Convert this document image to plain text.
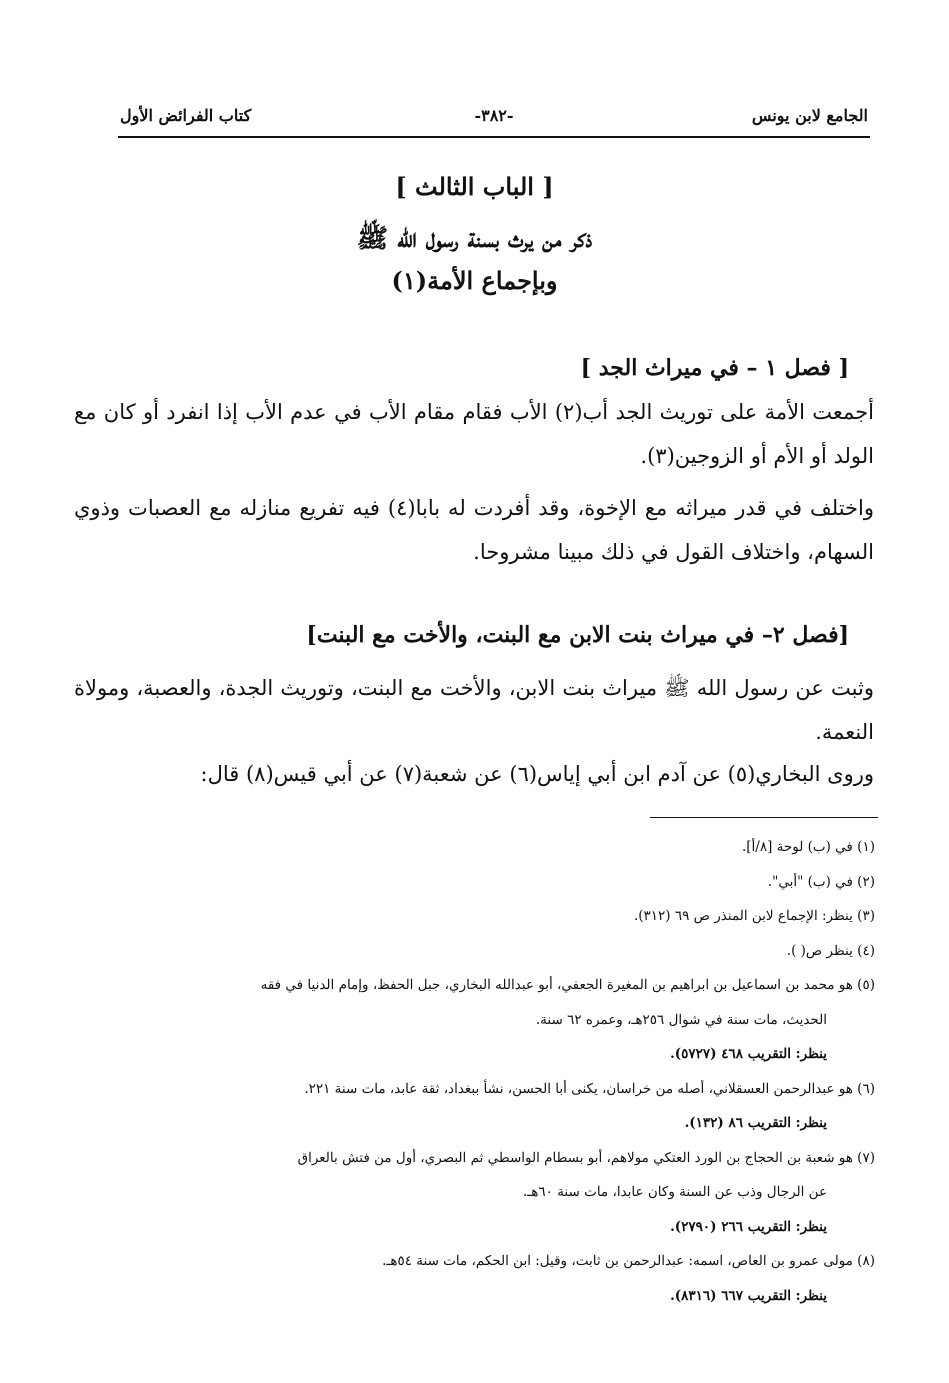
الجامع لابن يونس
-٣٨٢-
كتاب الفرائض الأول
[ الباب الثالث ]
ذكر من يرث بسنة رسول الله ﷺ
وبإجماع الأمة(١)
[ فصل ١ – في ميراث الجد ]
أجمعت الأمة على توريث الجد أب(٢) الأب فقام مقام الأب في عدم الأب إذا انفرد أو كان مع الولد أو الأم أو الزوجين(٣).
واختلف في قدر ميراثه مع الإخوة، وقد أفردت له بابا(٤) فيه تفريع منازله مع العصبات وذوي السهام، واختلاف القول في ذلك مبينا مشروحا.
[فصل ٢– في ميراث بنت الابن مع البنت، والأخت مع البنت]
وثبت عن رسول الله ﷺ ميراث بنت الابن، والأخت مع البنت، وتوريث الجدة، والعصبة، ومولاة النعمة.
وروى البخاري(٥) عن آدم ابن أبي إياس(٦) عن شعبة(٧) عن أبي قيس(٨) قال:
(١) في (ب) لوحة [٨/أ].
(٢) في (ب) "أبي".
(٣) ينظر: الإجماع لابن المنذر ص ٦٩ (٣١٢).
(٤) ينظر ص( ).
(٥) هو محمد بن اسماعيل بن ابراهيم بن المغيرة الجعفي، أبو عبدالله البخاري، جبل الحفظ، وإمام الدنيا في فقه
الحديث، مات سنة في شوال ٢٥٦هـ، وعمره ٦٢ سنة.
ينظر: التقريب ٤٦٨ (٥٧٢٧).
(٦) هو عبدالرحمن العسقلاني، أصله من خراسان، يكنى أبا الحسن، نشأ ببغداد، ثقة عابد، مات سنة ٢٢١.
ينظر: التقريب ٨٦ (١٣٢).
(٧) هو شعبة بن الحجاج بن الورد العتكي مولاهم، أبو بسطام الواسطي ثم البصري، أول من فتش بالعراق
عن الرجال وذب عن السنة وكان عابدا، مات سنة ٦٠هـ.
ينظر: التقريب ٢٦٦ (٢٧٩٠).
(٨) مولى عمرو بن العاص، اسمه: عبدالرحمن بن ثابت، وقيل: ابن الحكم، مات سنة ٥٤هـ.
ينظر: التقريب ٦٦٧ (٨٣١٦).
